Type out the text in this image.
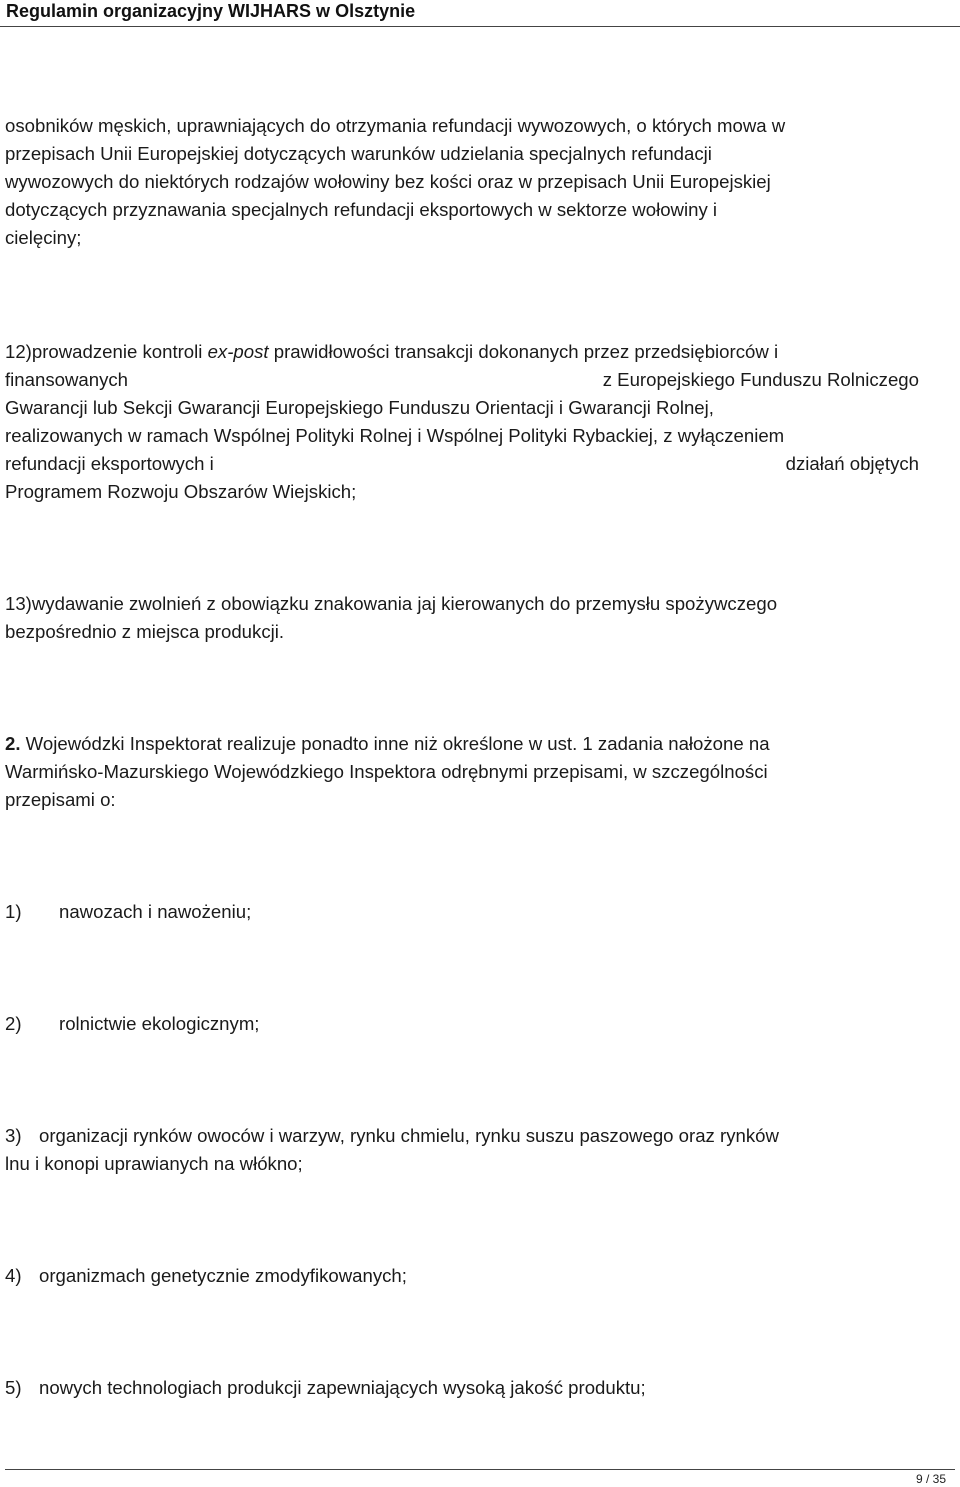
Regulamin organizacyjny WIJHARS w Olsztynie
osobników męskich, uprawniających do otrzymania refundacji wywozowych, o których mowa w
przepisach Unii Europejskiej dotyczących warunków udzielania specjalnych refundacji
wywozowych do niektórych rodzajów wołowiny bez kości oraz w przepisach Unii Europejskiej
dotyczących przyznawania specjalnych refundacji eksportowych w sektorze wołowiny i
cielęciny;
12)prowadzenie kontroli ex-post prawidłowości transakcji dokonanych przez przedsiębiorców i
finansowanych	z Europejskiego Funduszu Rolniczego
Gwarancji lub Sekcji Gwarancji Europejskiego Funduszu Orientacji i Gwarancji Rolnej,
realizowanych w ramach Wspólnej Polityki Rolnej i Wspólnej Polityki Rybackiej, z wyłączeniem
refundacji eksportowych i	działań objętych
Programem Rozwoju Obszarów Wiejskich;
13)wydawanie zwolnień z obowiązku znakowania jaj kierowanych do przemysłu spożywczego
bezpośrednio z miejsca produkcji.
2. Wojewódzki Inspektorat realizuje ponadto inne niż określone w ust. 1 zadania nałożone na
Warmińsko-Mazurskiego Wojewódzkiego Inspektora odrębnymi przepisami, w szczególności
przepisami o:
1) nawozach i nawożeniu;
2) rolnictwie ekologicznym;
3) organizacji rynków owoców i warzyw, rynku chmielu, rynku suszu paszowego oraz rynków
lnu i konopi uprawianych na włókno;
4) organizmach genetycznie zmodyfikowanych;
5) nowych technologiach produkcji zapewniających wysoką jakość produktu;
9 / 35
